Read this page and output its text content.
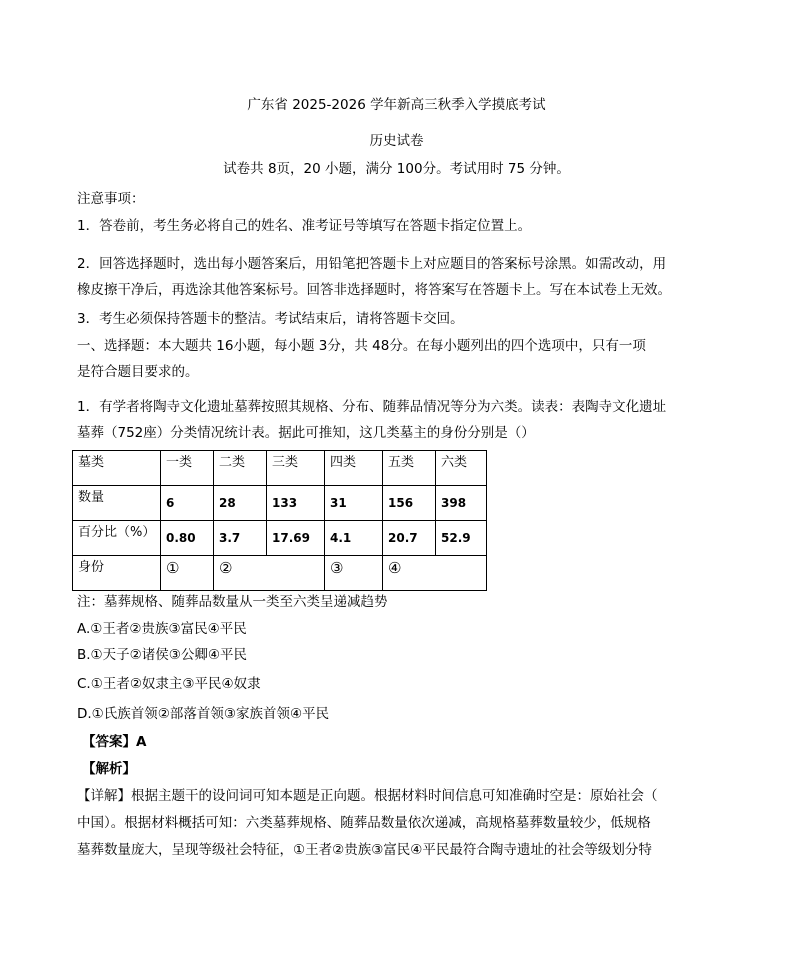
广东省 2025-2026 学年新高三秋季入学摸底考试
历史试卷
试卷共 8页，20 小题，满分 100分。考试用时 75 分钟。
注意事项：
1．答卷前，考生务必将自己的姓名、准考证号等填写在答题卡指定位置上。
2．回答选择题时，选出每小题答案后，用铅笔把答题卡上对应题目的答案标号涂黑。如需改动，用
橡皮擦干净后，再选涂其他答案标号。回答非选择题时，将答案写在答题卡上。写在本试卷上无效。
3．考生必须保持答题卡的整洁。考试结束后，请将答题卡交回。
一、选择题：本大题共 16小题，每小题 3分，共 48分。在每小题列出的四个选项中，只有一项
是符合题目要求的。
1．有学者将陶寺文化遗址墓葬按照其规格、分布、随葬品情况等分为六类。读表：表陶寺文化遗址
墓葬（752座）分类情况统计表。据此可推知，这几类墓主的身份分别是（）
墓类	一类	二类	三类	四类	五类	六类
数量	6	28	133	31	156	398
百分比（%）	0.80	3.7	17.69	4.1	20.7	52.9
身份	①	②		③	④	
注：墓葬规格、随葬品数量从一类至六类呈递减趋势
A.①王者②贵族③富民④平民
B.①天子②诸侯③公卿④平民
C.①王者②奴隶主③平民④奴隶
D.①氏族首领②部落首领③家族首领④平民
【答案】A
【解析】
【详解】根据主题干的设问词可知本题是正向题。根据材料时间信息可知准确时空是：原始社会（
中国）。根据材料概括可知：六类墓葬规格、随葬品数量依次递减，高规格墓葬数量较少，低规格
墓葬数量庞大，呈现等级社会特征，①王者②贵族③富民④平民最符合陶寺遗址的社会等级划分特
